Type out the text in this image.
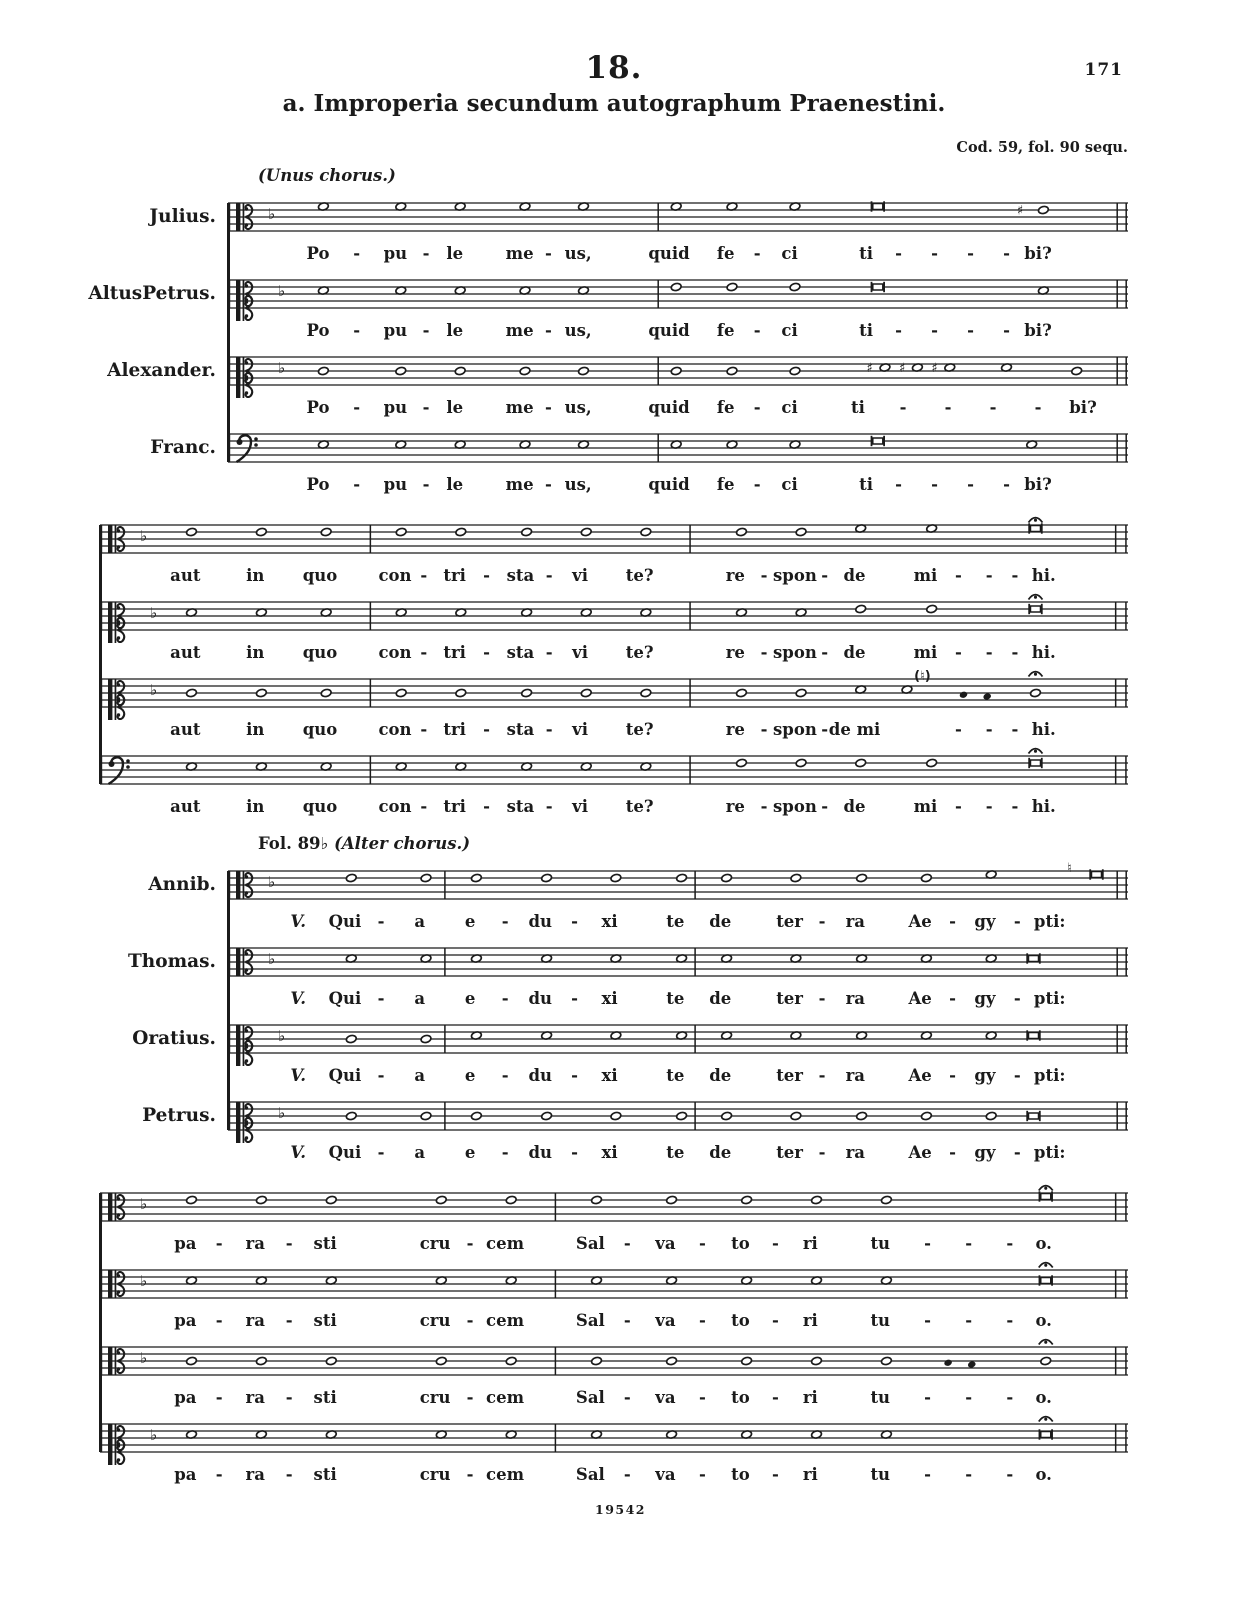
171
18.
a. Improperia secundum autographum Praenestini.
Cod. 59, fol. 90 sequ.
(Unus chorus.)
Julius.	♭	♯
Po - pu - le	me - us,	quid fe - ci	ti - - - - bi?
Altus Petrus.	♭
Po - pu - le	me - us,	quid fe - ci	ti - - - - bi?
Alexander.	♭	♯ ♯ ♯
Po - pu - le	me - us,	quid fe - ci	ti - - - - bi?
Franc.
Po - pu - le	me - us,	quid fe - ci	ti - - - - bi?
♭
aut	in quo con - tri - sta - vi te?	re - spon - de	mi - - - hi.
♭
aut	in quo con - tri - sta - vi te?	re - spon - de	mi - - - hi.
♭
(♮)
aut	in quo con - tri - sta - vi te?	re - spon - de mi	- - - hi.
aut	in quo con - tri - sta - vi te?	re - spon - de	mi - - - hi.
Fol. 89♭ (Alter chorus.)
Annib.	♭
♮
V. Qui - a e - du - xi	te de	ter - ra	Ae - gy - pti:
Thomas.	♭
V. Qui - a e - du - xi	te de	ter - ra	Ae - gy - pti:
Oratius.	♭
V. Qui - a e - du - xi	te de	ter - ra	Ae - gy - pti:
Petrus.	♭
V. Qui - a e - du - xi	te de	ter - ra	Ae - gy - pti:
♭
pa - ra - sti	cru - cem	Sal - va - to - ri	tu - - - o.
♭
pa - ra - sti	cru - cem	Sal - va - to - ri	tu - - - o.
♭
pa - ra - sti	cru - cem	Sal - va - to - ri	tu - - - o.
♭
pa - ra - sti	cru - cem	Sal - va - to - ri	tu - - - o.
19542
